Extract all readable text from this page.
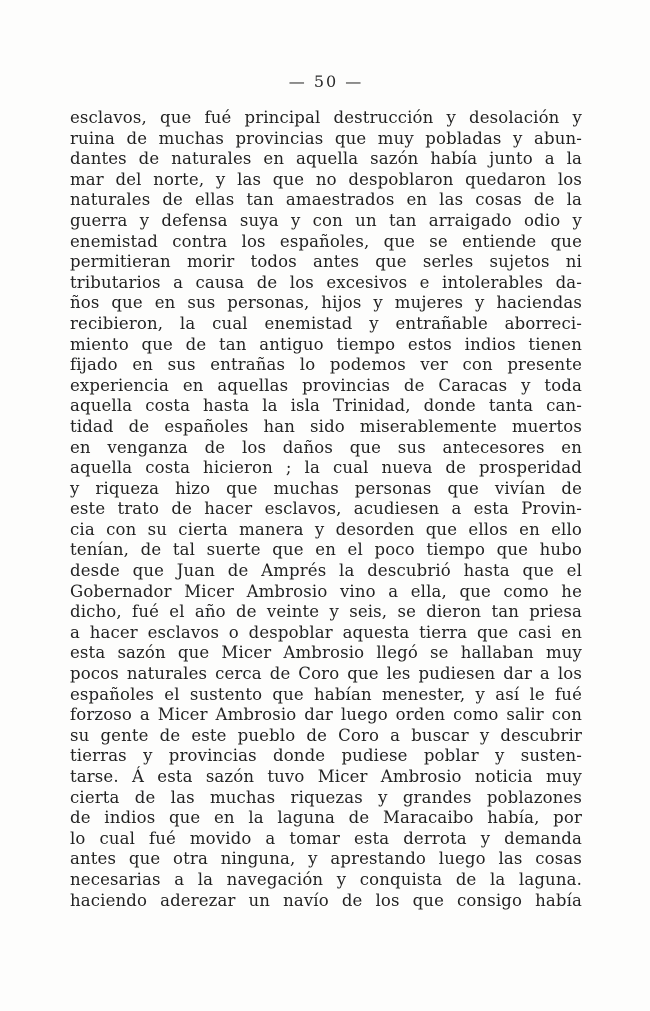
— 50 —
esclavos, que fué principal destrucción y desolación y
ruina de muchas provincias que muy pobladas y abun-
dantes de naturales en aquella sazón había junto a la
mar del norte, y las que no despoblaron quedaron los
naturales de ellas tan amaestrados en las cosas de la
guerra y defensa suya y con un tan arraigado odio y
enemistad contra los españoles, que se entiende que
permitieran morir todos antes que serles sujetos ni
tributarios a causa de los excesivos e intolerables da-
ños que en sus personas, hijos y mujeres y haciendas
recibieron, la cual enemistad y entrañable aborreci-
miento que de tan antiguo tiempo estos indios tienen
fijado en sus entrañas lo podemos ver con presente
experiencia en aquellas provincias de Caracas y toda
aquella costa hasta la isla Trinidad, donde tanta can-
tidad de españoles han sido miserablemente muertos
en venganza de los daños que sus antecesores en
aquella costa hicieron ; la cual nueva de prosperidad
y riqueza hizo que muchas personas que vivían de
este trato de hacer esclavos, acudiesen a esta Provin-
cia con su cierta manera y desorden que ellos en ello
tenían, de tal suerte que en el poco tiempo que hubo
desde que Juan de Amprés la descubrió hasta que el
Gobernador Micer Ambrosio vino a ella, que como he
dicho, fué el año de veinte y seis, se dieron tan priesa
a hacer esclavos o despoblar aquesta tierra que casi en
esta sazón que Micer Ambrosio llegó se hallaban muy
pocos naturales cerca de Coro que les pudiesen dar a los
españoles el sustento que habían menester, y así le fué
forzoso a Micer Ambrosio dar luego orden como salir con
su gente de este pueblo de Coro a buscar y descubrir
tierras y provincias donde pudiese poblar y susten-
tarse. Á esta sazón tuvo Micer Ambrosio noticia muy
cierta de las muchas riquezas y grandes poblazones
de indios que en la laguna de Maracaibo había, por
lo cual fué movido a tomar esta derrota y demanda
antes que otra ninguna, y aprestando luego las cosas
necesarias a la navegación y conquista de la laguna.
haciendo aderezar un navío de los que consigo había
